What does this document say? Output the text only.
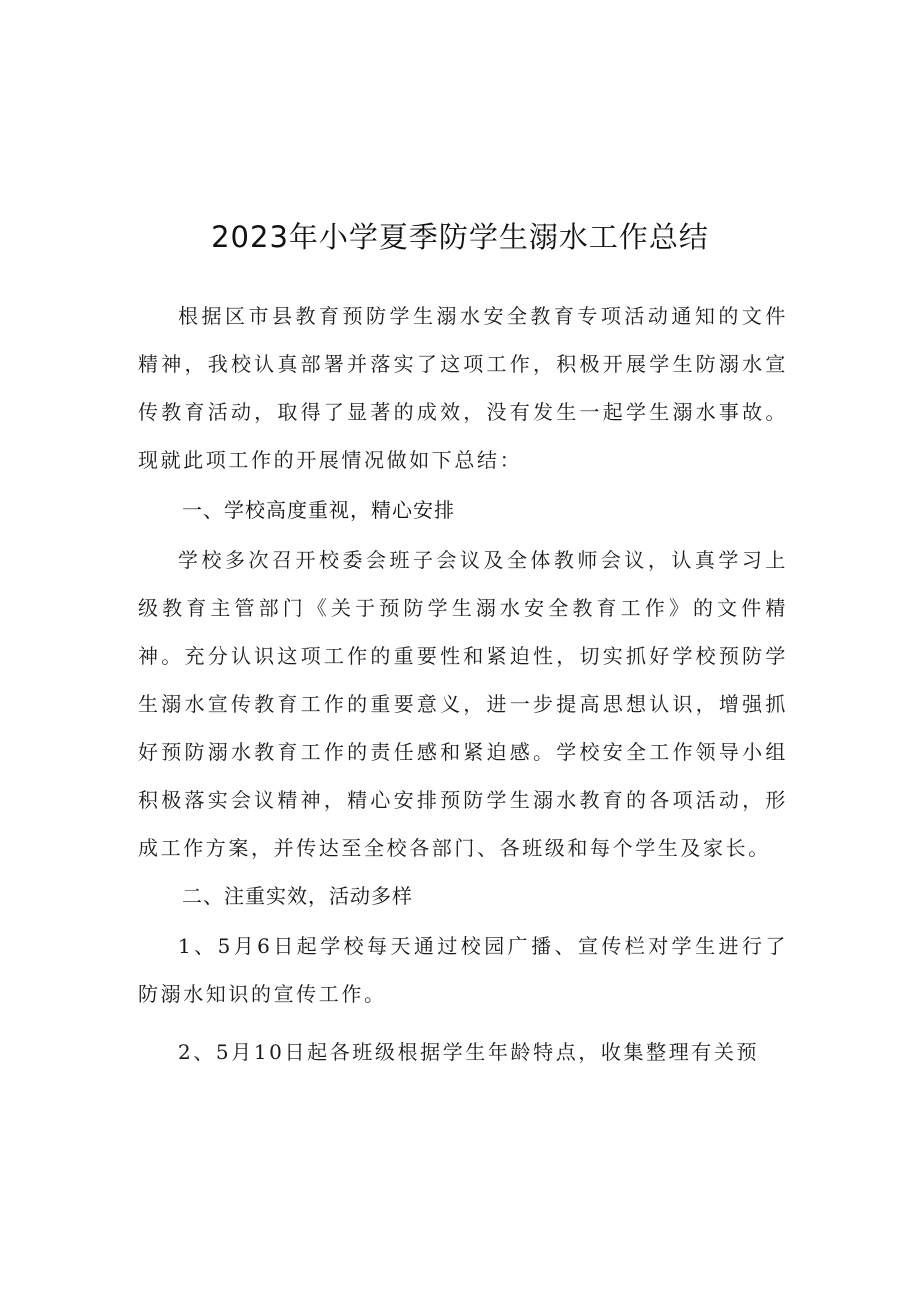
2023年小学夏季防学生溺水工作总结

根据区市县教育预防学生溺水安全教育专项活动通知的文件精神，我校认真部署并落实了这项工作，积极开展学生防溺水宣传教育活动，取得了显著的成效，没有发生一起学生溺水事故。现就此项工作的开展情况做如下总结：

一、学校高度重视，精心安排

学校多次召开校委会班子会议及全体教师会议，认真学习上级教育主管部门《关于预防学生溺水安全教育工作》的文件精神。充分认识这项工作的重要性和紧迫性，切实抓好学校预防学生溺水宣传教育工作的重要意义，进一步提高思想认识，增强抓好预防溺水教育工作的责任感和紧迫感。学校安全工作领导小组积极落实会议精神，精心安排预防学生溺水教育的各项活动，形成工作方案，并传达至全校各部门、各班级和每个学生及家长。

二、注重实效，活动多样

1、5月6日起学校每天通过校园广播、宣传栏对学生进行了防溺水知识的宣传工作。

2、5月10日起各班级根据学生年龄特点，收集整理有关预
